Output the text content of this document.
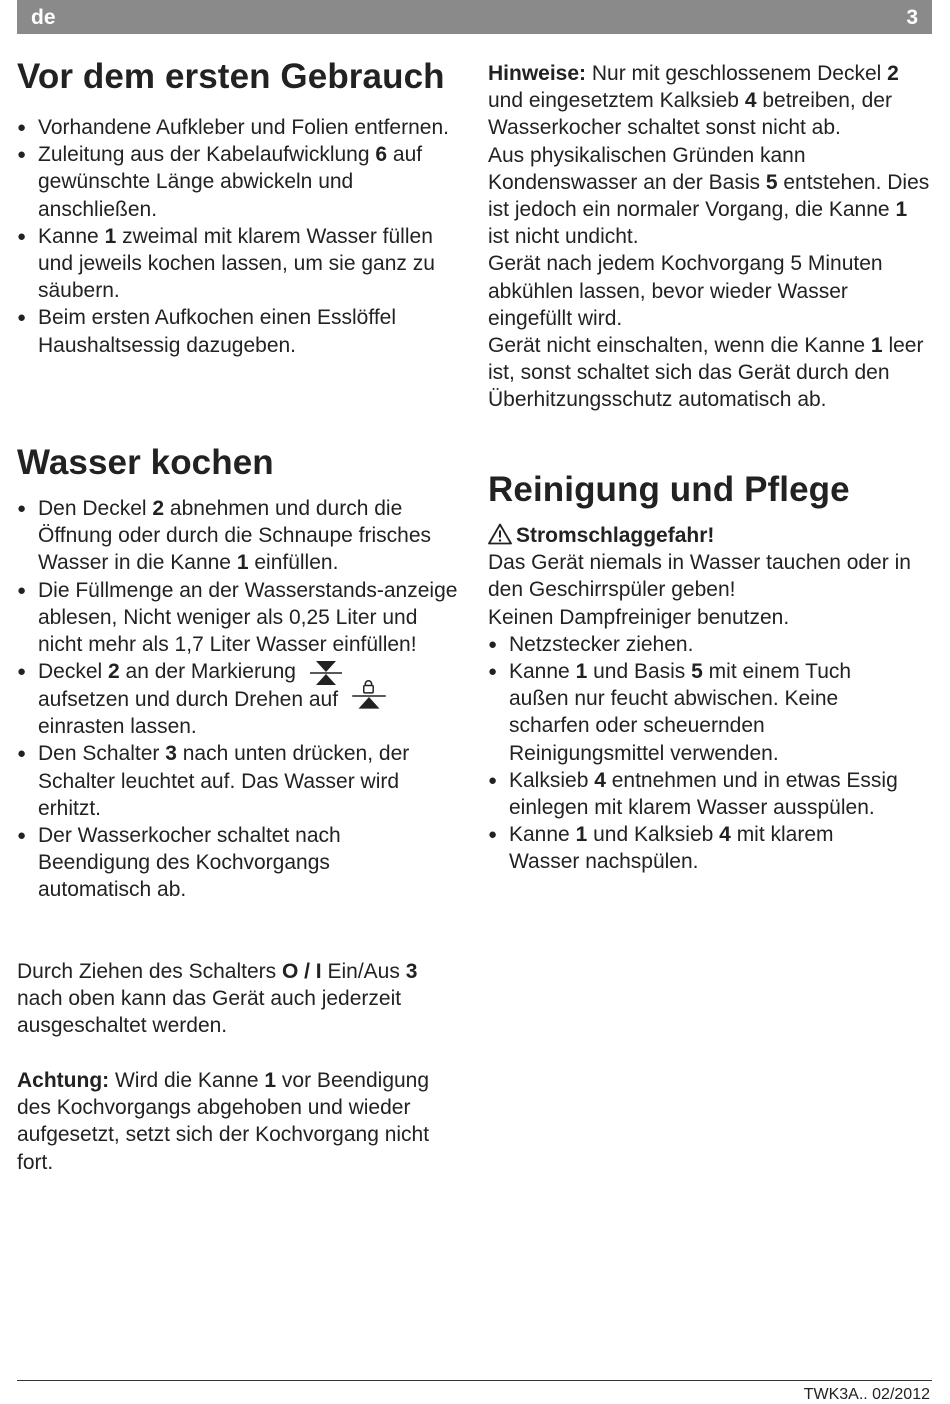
de	3
Vor dem ersten Gebrauch
● Vorhandene Aufkleber und Folien entfernen.
● Zuleitung aus der Kabelaufwicklung 6 auf gewünschte Länge abwickeln und anschließen.
● Kanne 1 zweimal mit klarem Wasser füllen und jeweils kochen lassen, um sie ganz zu säubern.
● Beim ersten Aufkochen einen Esslöffel Haushaltsessig dazugeben.
Wasser kochen
● Den Deckel 2 abnehmen und durch die Öffnung oder durch die Schnaupe frisches Wasser in die Kanne 1 einfüllen.
● Die Füllmenge an der Wasserstands-anzeige ablesen, Nicht weniger als 0,25 Liter und nicht mehr als 1,7 Liter Wasser einfüllen!
● Deckel 2 an der Markierung
aufsetzen und durch Drehen auf
einrasten lassen.
● Den Schalter 3 nach unten drücken, der Schalter leuchtet auf. Das Wasser wird erhitzt.
● Der Wasserkocher schaltet nach Beendigung des Kochvorgangs automatisch ab.

Durch Ziehen des Schalters O / I Ein/Aus 3 nach oben kann das Gerät auch jederzeit ausgeschaltet werden.

Achtung: Wird die Kanne 1 vor Beendigung des Kochvorgangs abgehoben und wieder aufgesetzt, setzt sich der Kochvorgang nicht fort.

Hinweise: Nur mit geschlossenem Deckel 2 und eingesetztem Kalksieb 4 betreiben, der Wasserkocher schaltet sonst nicht ab.

Aus physikalischen Gründen kann Kondenswasser an der Basis 5 entstehen. Dies ist jedoch ein normaler Vorgang, die Kanne 1 ist nicht undicht.

Gerät nach jedem Kochvorgang 5 Minuten abkühlen lassen, bevor wieder Wasser eingefüllt wird.

Gerät nicht einschalten, wenn die Kanne 1 leer ist, sonst schaltet sich das Gerät durch den Überhitzungsschutz automatisch ab.

Reinigung und Pflege

Stromschlaggefahr!

Das Gerät niemals in Wasser tauchen oder in den Geschirrspüler geben!

Keinen Dampfreiniger benutzen.

● Netzstecker ziehen.
● Kanne 1 und Basis 5 mit einem Tuch außen nur feucht abwischen. Keine scharfen oder scheuernden Reinigungsmittel verwenden.
● Kalksieb 4 entnehmen und in etwas Essig einlegen mit klarem Wasser ausspülen.
● Kanne 1 und Kalksieb 4 mit klarem Wasser nachspülen.
TWK3A.. 02/2012
